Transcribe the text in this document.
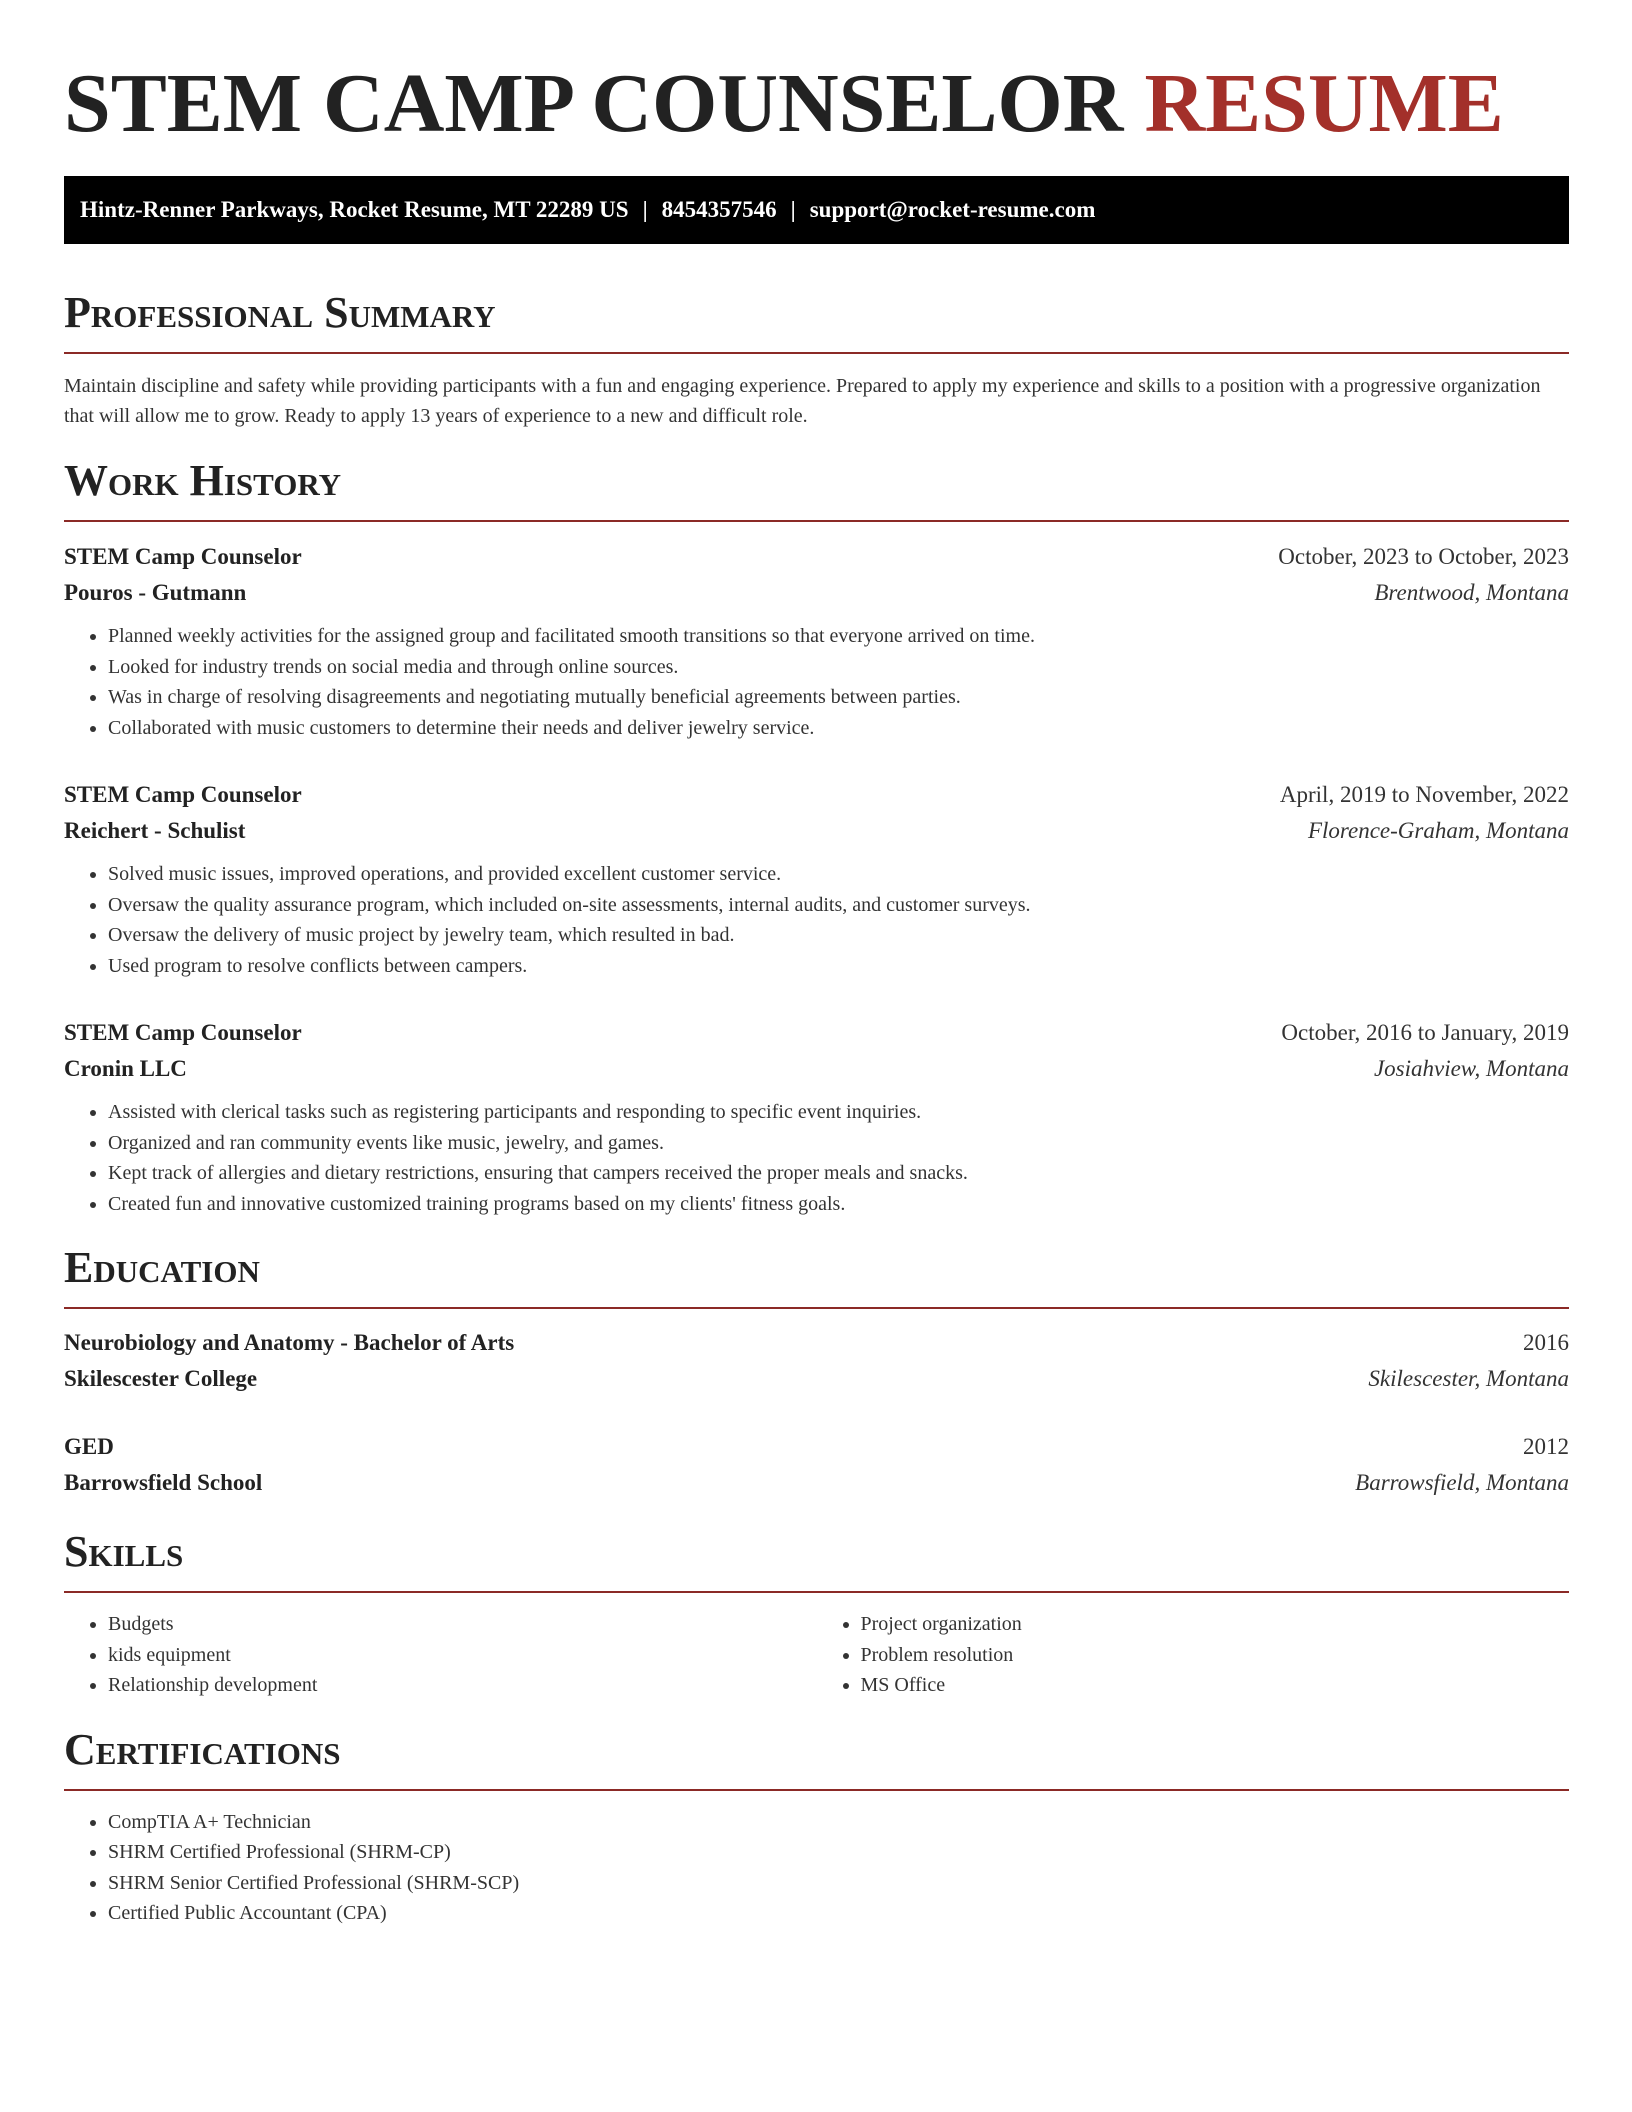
STEM CAMP COUNSELOR RESUME
Hintz-Renner Parkways, Rocket Resume, MT 22289 US | 8454357546 | support@rocket-resume.com
Professional Summary
Maintain discipline and safety while providing participants with a fun and engaging experience. Prepared to apply my experience and skills to a position with a progressive organization that will allow me to grow. Ready to apply 13 years of experience to a new and difficult role.
Work History
STEM Camp Counselor	October, 2023 to October, 2023
Pouros - Gutmann	Brentwood, Montana
• Planned weekly activities for the assigned group and facilitated smooth transitions so that everyone arrived on time.
• Looked for industry trends on social media and through online sources.
• Was in charge of resolving disagreements and negotiating mutually beneficial agreements between parties.
• Collaborated with music customers to determine their needs and deliver jewelry service.
STEM Camp Counselor	April, 2019 to November, 2022
Reichert - Schulist	Florence-Graham, Montana
• Solved music issues, improved operations, and provided excellent customer service.
• Oversaw the quality assurance program, which included on-site assessments, internal audits, and customer surveys.
• Oversaw the delivery of music project by jewelry team, which resulted in bad.
• Used program to resolve conflicts between campers.
STEM Camp Counselor	October, 2016 to January, 2019
Cronin LLC	Josiahview, Montana
• Assisted with clerical tasks such as registering participants and responding to specific event inquiries.
• Organized and ran community events like music, jewelry, and games.
• Kept track of allergies and dietary restrictions, ensuring that campers received the proper meals and snacks.
• Created fun and innovative customized training programs based on my clients' fitness goals.
Education
Neurobiology and Anatomy - Bachelor of Arts	2016
Skilescester College	Skilescester, Montana
GED	2012
Barrowsfield School	Barrowsfield, Montana
Skills
• Budgets
• kids equipment
• Relationship development
• Project organization
• Problem resolution
• MS Office
Certifications
• CompTIA A+ Technician
• SHRM Certified Professional (SHRM-CP)
• SHRM Senior Certified Professional (SHRM-SCP)
• Certified Public Accountant (CPA)
